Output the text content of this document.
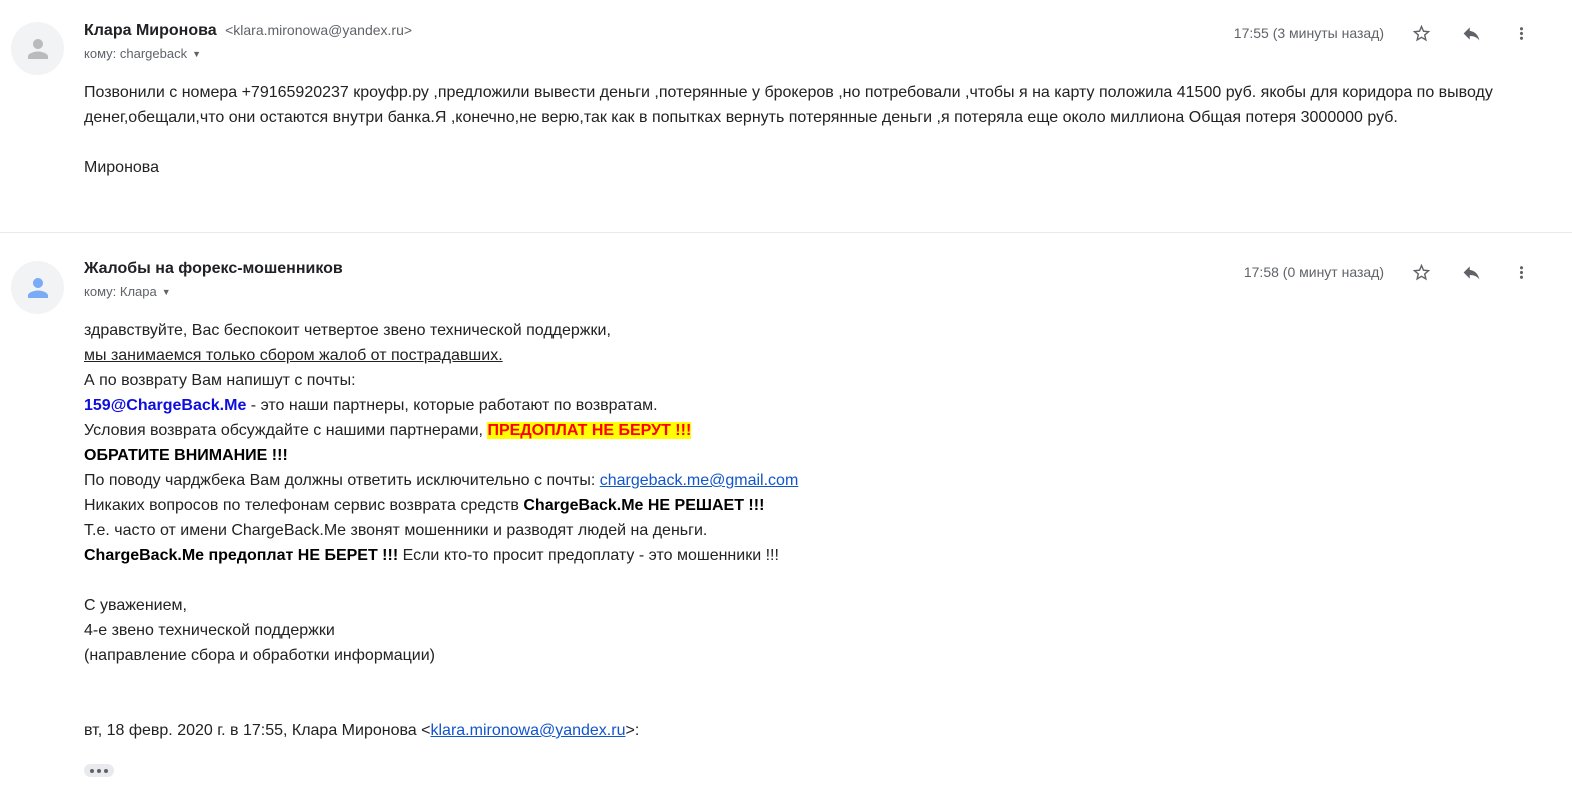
Клара Миронова <klara.mironowa@yandex.ru>
кому: chargeback ▼
17:55 (3 минуты назад)
Позвонили с номера +79165920237 кроуфр.ру ,предложили вывести деньги ,потерянные у брокеров ,но потребовали ,чтобы я на карту положила 41500 руб. якобы для коридора по выводу денег,обещали,что они остаются внутри банка.Я ,конечно,не верю,так как в попытках вернуть потерянные деньги ,я потеряла еще около миллиона Общая потеря 3000000 руб.

Миронова
Жалобы на форекс-мошенников
кому: Клара ▼
17:58 (0 минут назад)
здравствуйте, Вас беспокоит четвертое звено технической поддержки,
мы занимаемся только сбором жалоб от пострадавших.
А по возврату Вам напишут с почты:
159@ChargeBack.Me - это наши партнеры, которые работают по возвратам.
Условия возврата обсуждайте с нашими партнерами, ПРЕДОПЛАТ НЕ БЕРУТ !!!
ОБРАТИТЕ ВНИМАНИЕ !!!
По поводу чарджбека Вам должны ответить исключительно с почты: chargeback.me@gmail.com
Никаких вопросов по телефонам сервис возврата средств ChargeBack.Me НЕ РЕШАЕТ !!!
Т.е. часто от имени ChargeBack.Me звонят мошенники и разводят людей на деньги.
ChargeBack.Me предоплат НЕ БЕРЕТ !!! Если кто-то просит предоплату - это мошенники !!!

С уважением,
4-е звено технической поддержки
(направление сбора и обработки информации)

вт, 18 февр. 2020 г. в 17:55, Клара Миронова <klara.mironowa@yandex.ru>:
